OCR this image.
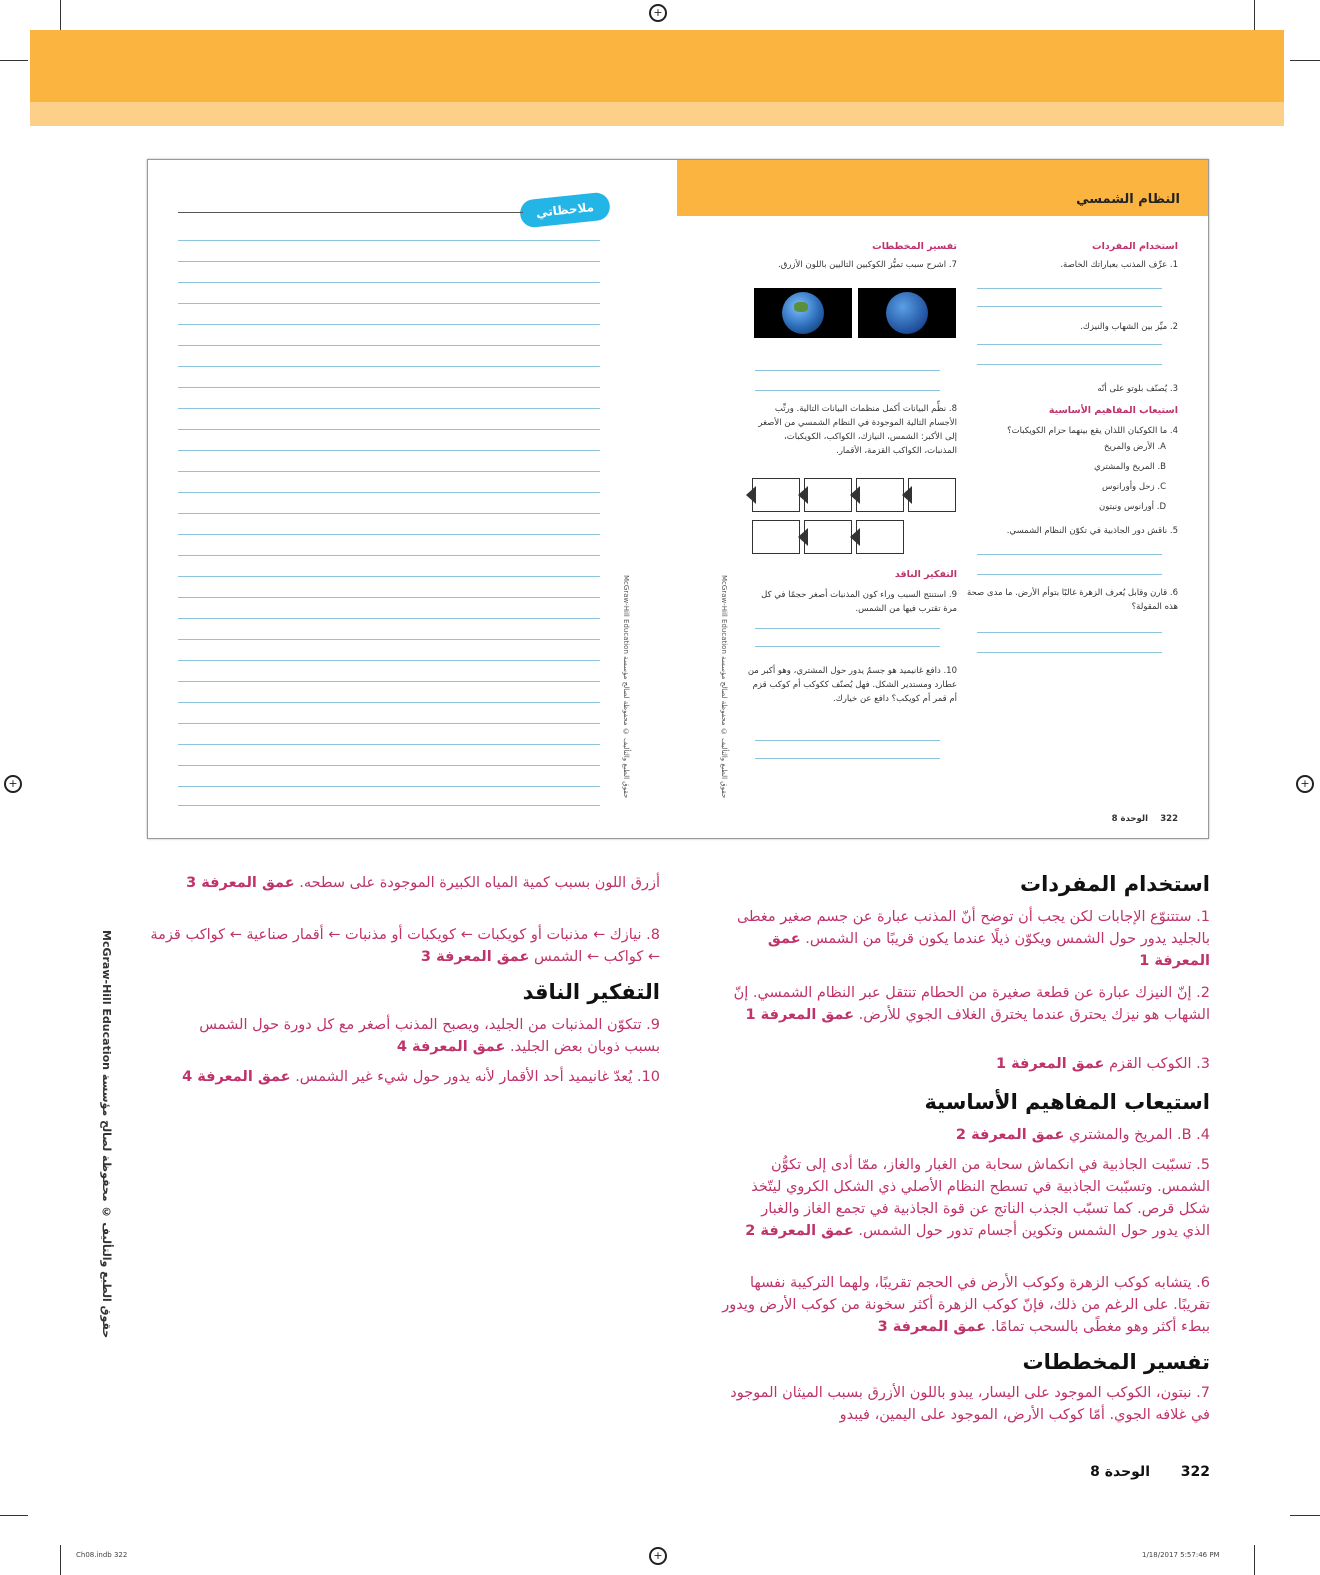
+
+	+
+
النظام الشمسي
ملاحظاتي
حقوق الطبع والتأليف © محفوظة لصالح مؤسسة McGraw-Hill Education
حقوق الطبع والتأليف © محفوظة لصالح مؤسسة McGraw-Hill Education
استخدام المفردات
1. عرِّف المذنب بعباراتك الخاصة.
2. ميِّز بين الشهاب والنيزك.
3. يُصنّف بلوتو على أنّه
استيعاب المفاهيم الأساسية
4. ما الكوكبان اللذان يقع بينهما حزام الكويكبات؟
A. الأرض والمريخ
B. المريخ والمشتري
C. زحل وأورانوس
D. أورانوس ونبتون
5. ناقش دور الجاذبية في تكوّن النظام الشمسي.
6. قارن وقابل يُعرف الزهرة غالبًا بتوأم الأرض. ما مدى صحة هذه المقولة؟
تفسير المخططات
7. اشرح سبب تميُّز الكوكبين التاليين باللون الأزرق.
8. نظِّم البيانات أكمل منظمات البيانات التالية. ورتِّب الأجسام التالية الموجودة في النظام الشمسي من الأصغر إلى الأكبر: الشمس، النيازك، الكواكب، الكويكبات، المذنبات، الكواكب القزمة، الأقمار.
التفكير الناقد
9. استنتج السبب وراء كون المذنبات أصغر حجمًا في كل مرة تقترب فيها من الشمس.
10. دافع غانيميد هو جسمٌ يدور حول المشتري، وهو أكبر من عطارد ومستدير الشكل. فهل يُصنّف ككوكب أم كوكب قزم أم قمر أم كويكب؟ دافع عن خيارك.
الوحدة 8	322
استخدام المفردات
1. ستتنوّع الإجابات لكن يجب أن توضح أنّ المذنب عبارة عن جسم صغير مغطى بالجليد يدور حول الشمس ويكوّن ذيلًا عندما يكون قريبًا من الشمس. عمق المعرفة 1
2. إنّ النيزك عبارة عن قطعة صغيرة من الحطام تنتقل عبر النظام الشمسي. إنّ الشهاب هو نيزك يحترق عندما يخترق الغلاف الجوي للأرض. عمق المعرفة 1
3. الكوكب القزم عمق المعرفة 1
استيعاب المفاهيم الأساسية
4. B. المريخ والمشتري عمق المعرفة 2
5. تسبّبت الجاذبية في انكماش سحابة من الغبار والغاز، ممّا أدى إلى تكوُّن الشمس. وتسبّبت الجاذبية في تسطح النظام الأصلي ذي الشكل الكروي ليتّخذ شكل قرص. كما تسبّب الجذب الناتج عن قوة الجاذبية في تجمع الغاز والغبار الذي يدور حول الشمس وتكوين أجسام تدور حول الشمس. عمق المعرفة 2
6. يتشابه كوكب الزهرة وكوكب الأرض في الحجم تقريبًا، ولهما التركيبة نفسها تقريبًا. على الرغم من ذلك، فإنّ كوكب الزهرة أكثر سخونة من كوكب الأرض ويدور ببطء أكثر وهو مغطًى بالسحب تمامًا. عمق المعرفة 3
تفسير المخططات
7. نبتون، الكوكب الموجود على اليسار، يبدو باللون الأزرق بسبب الميثان الموجود في غلافه الجوي. أمّا كوكب الأرض، الموجود على اليمين، فيبدو
أزرق اللون بسبب كمية المياه الكبيرة الموجودة على سطحه. عمق المعرفة 3
8. نيازك ← مذنبات أو كويكبات ← كويكبات أو مذنبات ← أقمار صناعية ← كواكب قزمة ← كواكب ← الشمس عمق المعرفة 3
التفكير الناقد
9. تتكوّن المذنبات من الجليد، ويصبح المذنب أصغر مع كل دورة حول الشمس بسبب ذوبان بعض الجليد. عمق المعرفة 4
10. يُعدّ غانيميد أحد الأقمار لأنه يدور حول شيء غير الشمس. عمق المعرفة 4
حقوق الطبع والتأليف © محفوظة لصالح مؤسسة McGraw-Hill Education
الوحدة 8 322
Ch08.indb 322	1/18/2017 5:57:46 PM
